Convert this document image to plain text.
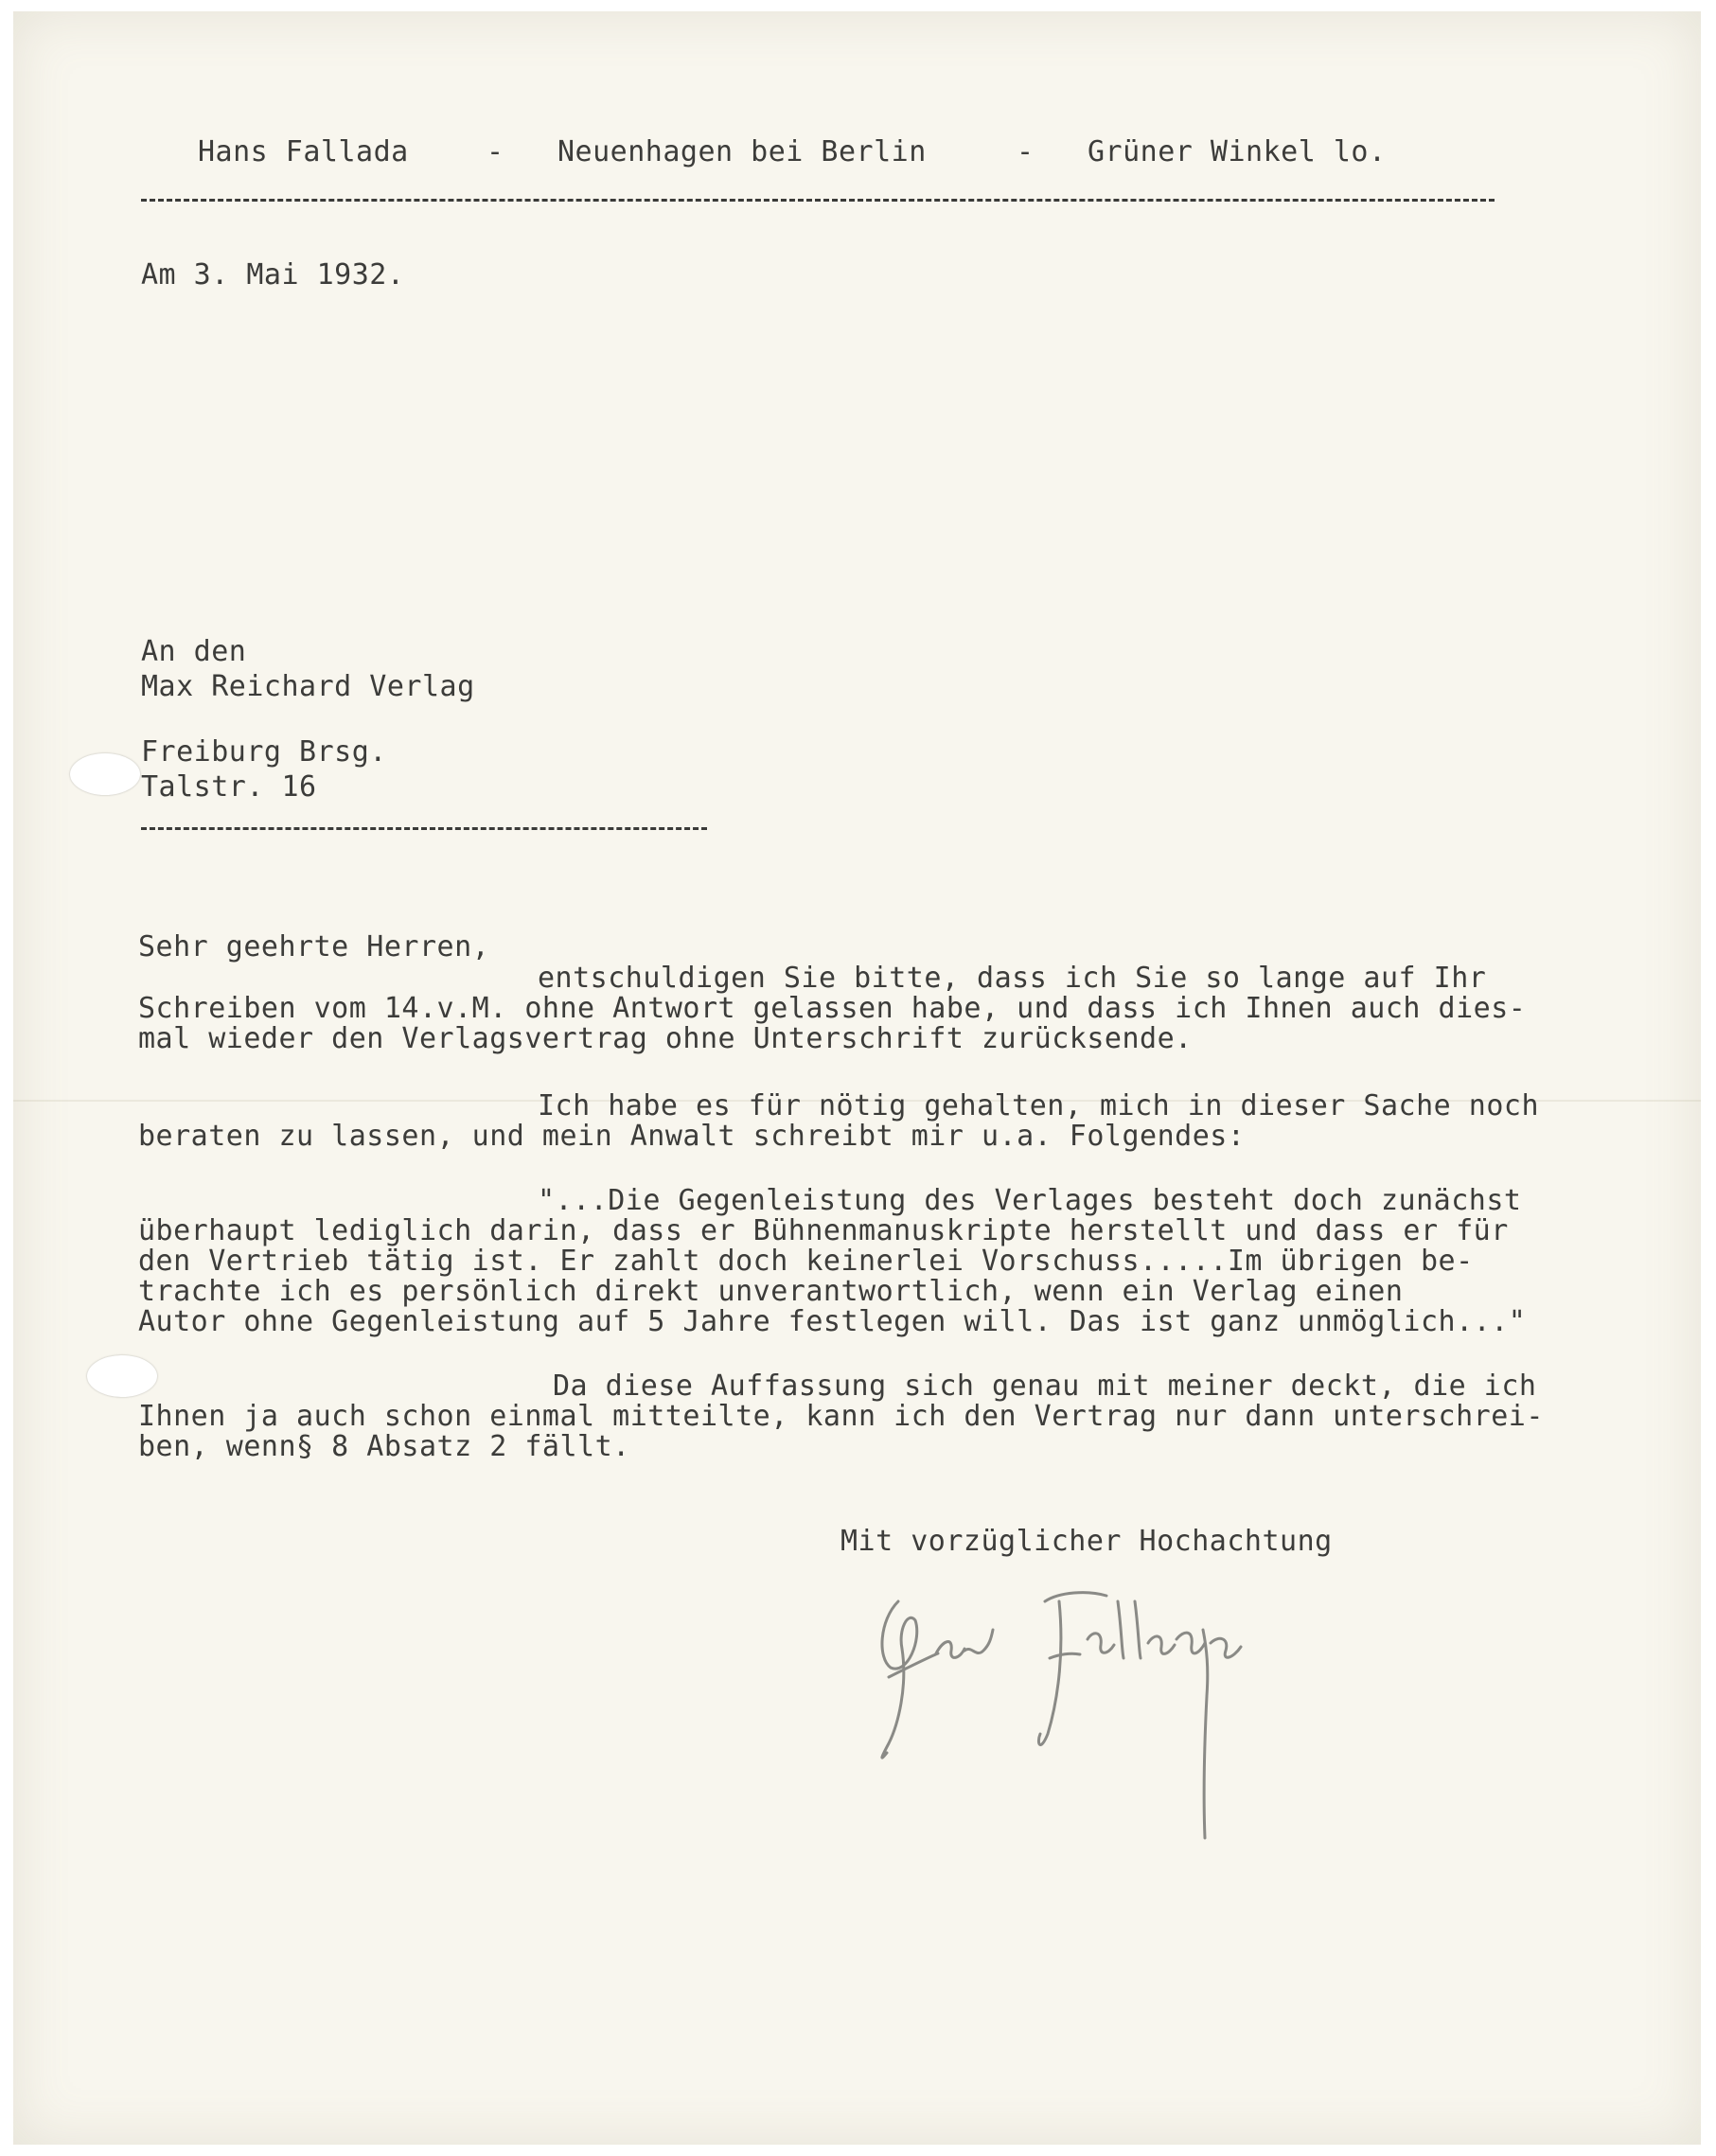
Hans Fallada	- Neuenhagen bei Berlin	- Grüner Winkel lo.
Am 3. Mai 1932.
An den
Max Reichard Verlag
Freiburg Brsg.
Talstr. 16
Sehr geehrte Herren,
entschuldigen Sie bitte, dass ich Sie so lange auf Ihr
Schreiben vom 14.v.M. ohne Antwort gelassen habe, und dass ich Ihnen auch dies-
mal wieder den Verlagsvertrag ohne Unterschrift zurücksende.
Ich habe es für nötig gehalten, mich in dieser Sache noch
beraten zu lassen, und mein Anwalt schreibt mir u.a. Folgendes:
"...Die Gegenleistung des Verlages besteht doch zunächst
überhaupt lediglich darin, dass er Bühnenmanuskripte herstellt und dass er für
den Vertrieb tätig ist. Er zahlt doch keinerlei Vorschuss.....Im übrigen be-
trachte ich es persönlich direkt unverantwortlich, wenn ein Verlag einen
Autor ohne Gegenleistung auf 5 Jahre festlegen will. Das ist ganz unmöglich..."
Da diese Auffassung sich genau mit meiner deckt, die ich
Ihnen ja auch schon einmal mitteilte, kann ich den Vertrag nur dann unterschrei-
ben, wenn§ 8 Absatz 2 fällt.
Mit vorzüglicher Hochachtung
